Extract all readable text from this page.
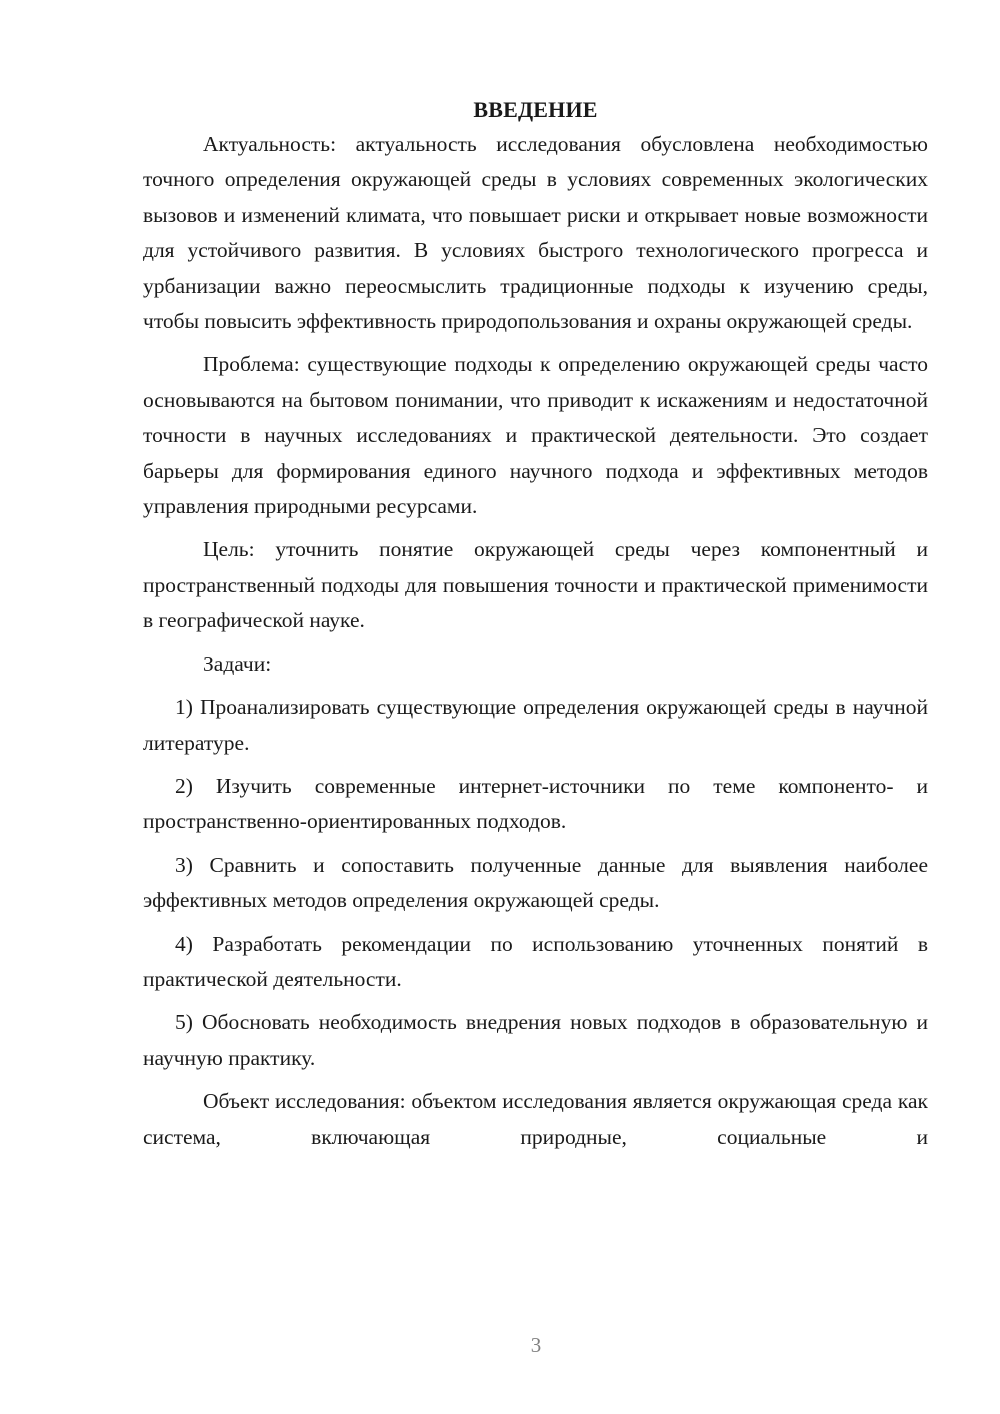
ВВЕДЕНИЕ

Актуальность: актуальность исследования обусловлена необходимостью точного определения окружающей среды в условиях современных экологических вызовов и изменений климата, что повышает риски и открывает новые возможности для устойчивого развития. В условиях быстрого технологического прогресса и урбанизации важно переосмыслить традиционные подходы к изучению среды, чтобы повысить эффективность природопользования и охраны окружающей среды.

Проблема: существующие подходы к определению окружающей среды часто основываются на бытовом понимании, что приводит к искажениям и недостаточной точности в научных исследованиях и практической деятельности. Это создает барьеры для формирования единого научного подхода и эффективных методов управления природными ресурсами.

Цель: уточнить понятие окружающей среды через компонентный и пространственный подходы для повышения точности и практической применимости в географической науке.

Задачи:

1) Проанализировать существующие определения окружающей среды в научной литературе.

2) Изучить современные интернет-источники по теме компоненто- и пространственно-ориентированных подходов.

3) Сравнить и сопоставить полученные данные для выявления наиболее эффективных методов определения окружающей среды.

4) Разработать рекомендации по использованию уточненных понятий в практической деятельности.

5) Обосновать необходимость внедрения новых подходов в образовательную и научную практику.

Объект исследования: объектом исследования является окружающая среда как система, включающая природные, социальные и

3
